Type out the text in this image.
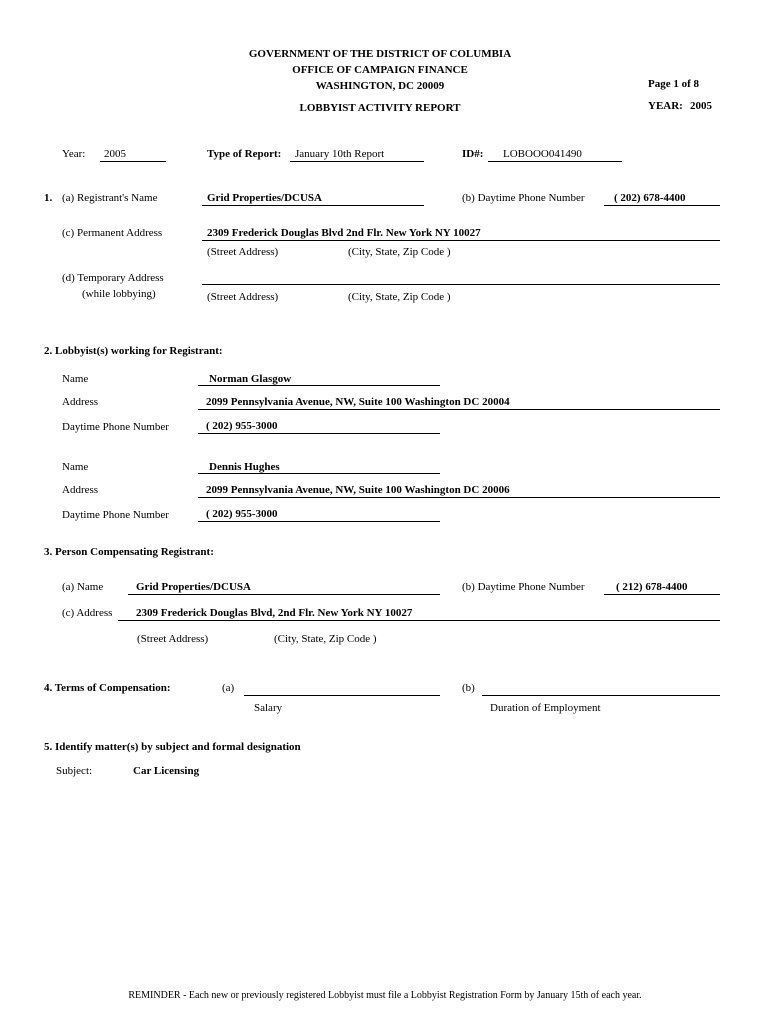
GOVERNMENT OF THE DISTRICT OF COLUMBIA
OFFICE OF CAMPAIGN FINANCE
WASHINGTON, DC 20009	Page 1 of 8
LOBBYIST ACTIVITY REPORT	YEAR: 2005
Year: 2005	Type of Report: January 10th Report	ID#: LOBOOO041490
1. (a) Registrant's Name	Grid Properties/DCUSA	(b) Daytime Phone Number	( 202) 678-4400
(c) Permanent Address	2309 Frederick Douglas Blvd 2nd Flr. New York NY 10027
(Street Address)	(City, State, Zip Code )
(d) Temporary Address
(while lobbying)	(Street Address)	(City, State, Zip Code )
2. Lobbyist(s) working for Registrant:
Name	Norman Glasgow
Address	2099 Pennsylvania Avenue, NW, Suite 100 Washington DC 20004
Daytime Phone Number	( 202) 955-3000
Name	Dennis Hughes
Address	2099 Pennsylvania Avenue, NW, Suite 100 Washington DC 20006
Daytime Phone Number	( 202) 955-3000
3. Person Compensating Registrant:
(a) Name	Grid Properties/DCUSA	(b) Daytime Phone Number	( 212) 678-4400
(c) Address 2309 Frederick Douglas Blvd, 2nd Flr. New York NY 10027
(Street Address)	(City, State, Zip Code )
4. Terms of Compensation:	(a)
Salary
(b)
Duration of Employment
5. Identify matter(s) by subject and formal designation
Subject:	Car Licensing
REMINDER - Each new or previously registered Lobbyist must file a Lobbyist Registration Form by January 15th of each year.
